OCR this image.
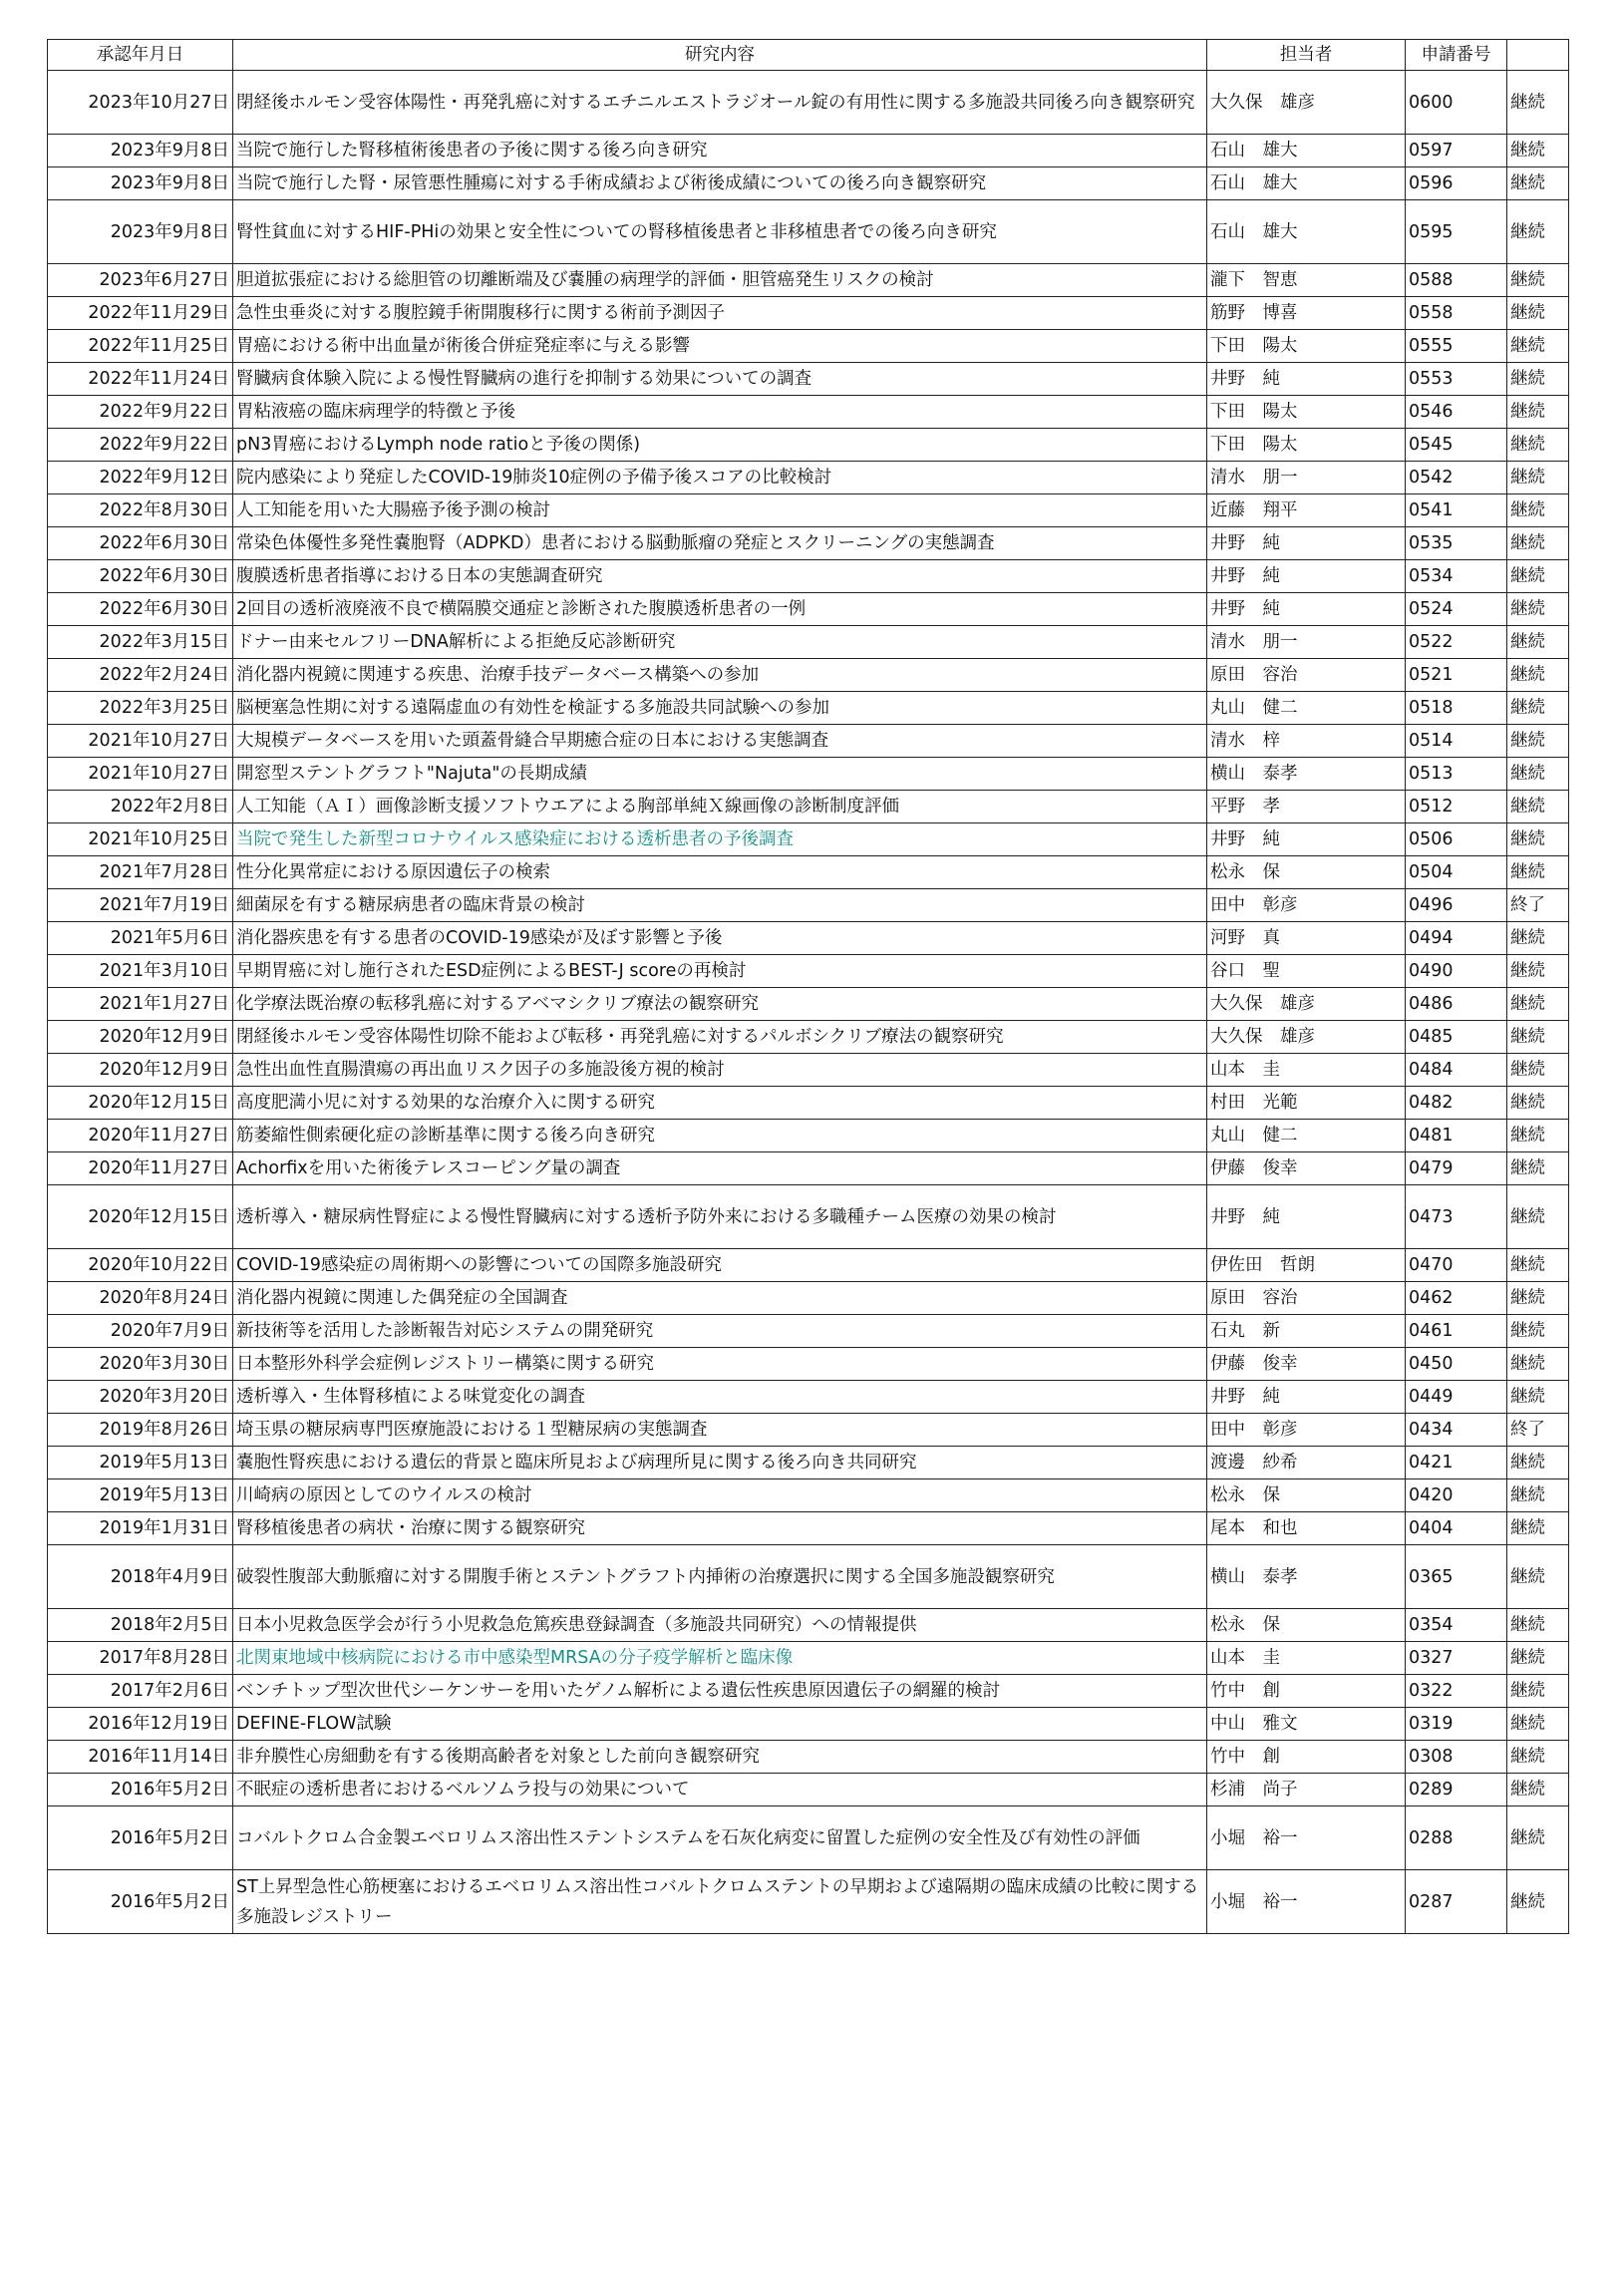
承認年月日	研究内容	担当者	申請番号	
2023年10月27日	閉経後ホルモン受容体陽性・再発乳癌に対するエチニルエストラジオール錠の有用性に関する多施設共同後ろ向き観察研究	大久保　雄彦	0600	継続
2023年9月8日	当院で施行した腎移植術後患者の予後に関する後ろ向き研究	石山　雄大	0597	継続
2023年9月8日	当院で施行した腎・尿管悪性腫瘍に対する手術成績および術後成績についての後ろ向き観察研究	石山　雄大	0596	継続
2023年9月8日	腎性貧血に対するHIF-PHiの効果と安全性についての腎移植後患者と非移植患者での後ろ向き研究	石山　雄大	0595	継続
2023年6月27日	胆道拡張症における総胆管の切離断端及び嚢腫の病理学的評価・胆管癌発生リスクの検討	瀧下　智恵	0588	継続
2022年11月29日	急性虫垂炎に対する腹腔鏡手術開腹移行に関する術前予測因子	筋野　博喜	0558	継続
2022年11月25日	胃癌における術中出血量が術後合併症発症率に与える影響	下田　陽太	0555	継続
2022年11月24日	腎臓病食体験入院による慢性腎臓病の進行を抑制する効果についての調査	井野　純	0553	継続
2022年9月22日	胃粘液癌の臨床病理学的特徴と予後	下田　陽太	0546	継続
2022年9月22日	pN3胃癌におけるLymph node ratioと予後の関係)	下田　陽太	0545	継続
2022年9月12日	院内感染により発症したCOVID-19肺炎10症例の予備予後スコアの比較検討	清水　朋一	0542	継続
2022年8月30日	人工知能を用いた大腸癌予後予測の検討	近藤　翔平	0541	継続
2022年6月30日	常染色体優性多発性嚢胞腎（ADPKD）患者における脳動脈瘤の発症とスクリーニングの実態調査	井野　純	0535	継続
2022年6月30日	腹膜透析患者指導における日本の実態調査研究	井野　純	0534	継続
2022年6月30日	2回目の透析液廃液不良で横隔膜交通症と診断された腹膜透析患者の一例	井野　純	0524	継続
2022年3月15日	ドナー由来セルフリーDNA解析による拒絶反応診断研究	清水　朋一	0522	継続
2022年2月24日	消化器内視鏡に関連する疾患、治療手技データベース構築への参加	原田　容治	0521	継続
2022年3月25日	脳梗塞急性期に対する遠隔虚血の有効性を検証する多施設共同試験への参加	丸山　健二	0518	継続
2021年10月27日	大規模データベースを用いた頭蓋骨縫合早期癒合症の日本における実態調査	清水　梓	0514	継続
2021年10月27日	開窓型ステントグラフト"Najuta"の長期成績	横山　泰孝	0513	継続
2022年2月8日	人工知能（ＡＩ）画像診断支援ソフトウエアによる胸部単純Ｘ線画像の診断制度評価	平野　孝	0512	継続
2021年10月25日	当院で発生した新型コロナウイルス感染症における透析患者の予後調査	井野　純	0506	継続
2021年7月28日	性分化異常症における原因遺伝子の検索	松永　保	0504	継続
2021年7月19日	細菌尿を有する糖尿病患者の臨床背景の検討	田中　彰彦	0496	終了
2021年5月6日	消化器疾患を有する患者のCOVID-19感染が及ぼす影響と予後	河野　真	0494	継続
2021年3月10日	早期胃癌に対し施行されたESD症例によるBEST-J scoreの再検討	谷口　聖	0490	継続
2021年1月27日	化学療法既治療の転移乳癌に対するアベマシクリブ療法の観察研究	大久保　雄彦	0486	継続
2020年12月9日	閉経後ホルモン受容体陽性切除不能および転移・再発乳癌に対するパルボシクリブ療法の観察研究	大久保　雄彦	0485	継続
2020年12月9日	急性出血性直腸潰瘍の再出血リスク因子の多施設後方視的検討	山本　圭	0484	継続
2020年12月15日	高度肥満小児に対する効果的な治療介入に関する研究	村田　光範	0482	継続
2020年11月27日	筋萎縮性側索硬化症の診断基準に関する後ろ向き研究	丸山　健二	0481	継続
2020年11月27日	Achorfixを用いた術後テレスコーピング量の調査	伊藤　俊幸	0479	継続
2020年12月15日	透析導入・糖尿病性腎症による慢性腎臓病に対する透析予防外来における多職種チーム医療の効果の検討	井野　純	0473	継続
2020年10月22日	COVID-19感染症の周術期への影響についての国際多施設研究	伊佐田　哲朗	0470	継続
2020年8月24日	消化器内視鏡に関連した偶発症の全国調査	原田　容治	0462	継続
2020年7月9日	新技術等を活用した診断報告対応システムの開発研究	石丸　新	0461	継続
2020年3月30日	日本整形外科学会症例レジストリー構築に関する研究	伊藤　俊幸	0450	継続
2020年3月20日	透析導入・生体腎移植による味覚変化の調査	井野　純	0449	継続
2019年8月26日	埼玉県の糖尿病専門医療施設における１型糖尿病の実態調査	田中　彰彦	0434	終了
2019年5月13日	嚢胞性腎疾患における遺伝的背景と臨床所見および病理所見に関する後ろ向き共同研究	渡邊　紗希	0421	継続
2019年5月13日	川崎病の原因としてのウイルスの検討	松永　保	0420	継続
2019年1月31日	腎移植後患者の病状・治療に関する観察研究	尾本　和也	0404	継続
2018年4月9日	破裂性腹部大動脈瘤に対する開腹手術とステントグラフト内挿術の治療選択に関する全国多施設観察研究	横山　泰孝	0365	継続
2018年2月5日	日本小児救急医学会が行う小児救急危篤疾患登録調査（多施設共同研究）への情報提供	松永　保	0354	継続
2017年8月28日	北関東地域中核病院における市中感染型MRSAの分子疫学解析と臨床像	山本　圭	0327	継続
2017年2月6日	ベンチトップ型次世代シーケンサーを用いたゲノム解析による遺伝性疾患原因遺伝子の網羅的検討	竹中　創	0322	継続
2016年12月19日	DEFINE-FLOW試験	中山　雅文	0319	継続
2016年11月14日	非弁膜性心房細動を有する後期高齢者を対象とした前向き観察研究	竹中　創	0308	継続
2016年5月2日	不眠症の透析患者におけるベルソムラ投与の効果について	杉浦　尚子	0289	継続
2016年5月2日	コバルトクロム合金製エベロリムス溶出性ステントシステムを石灰化病変に留置した症例の安全性及び有効性の評価	小堀　裕一	0288	継続
2016年5月2日	ST上昇型急性心筋梗塞におけるエベロリムス溶出性コバルトクロムステントの早期および遠隔期の臨床成績の比較に関する多施設レジストリー	小堀　裕一	0287	継続
